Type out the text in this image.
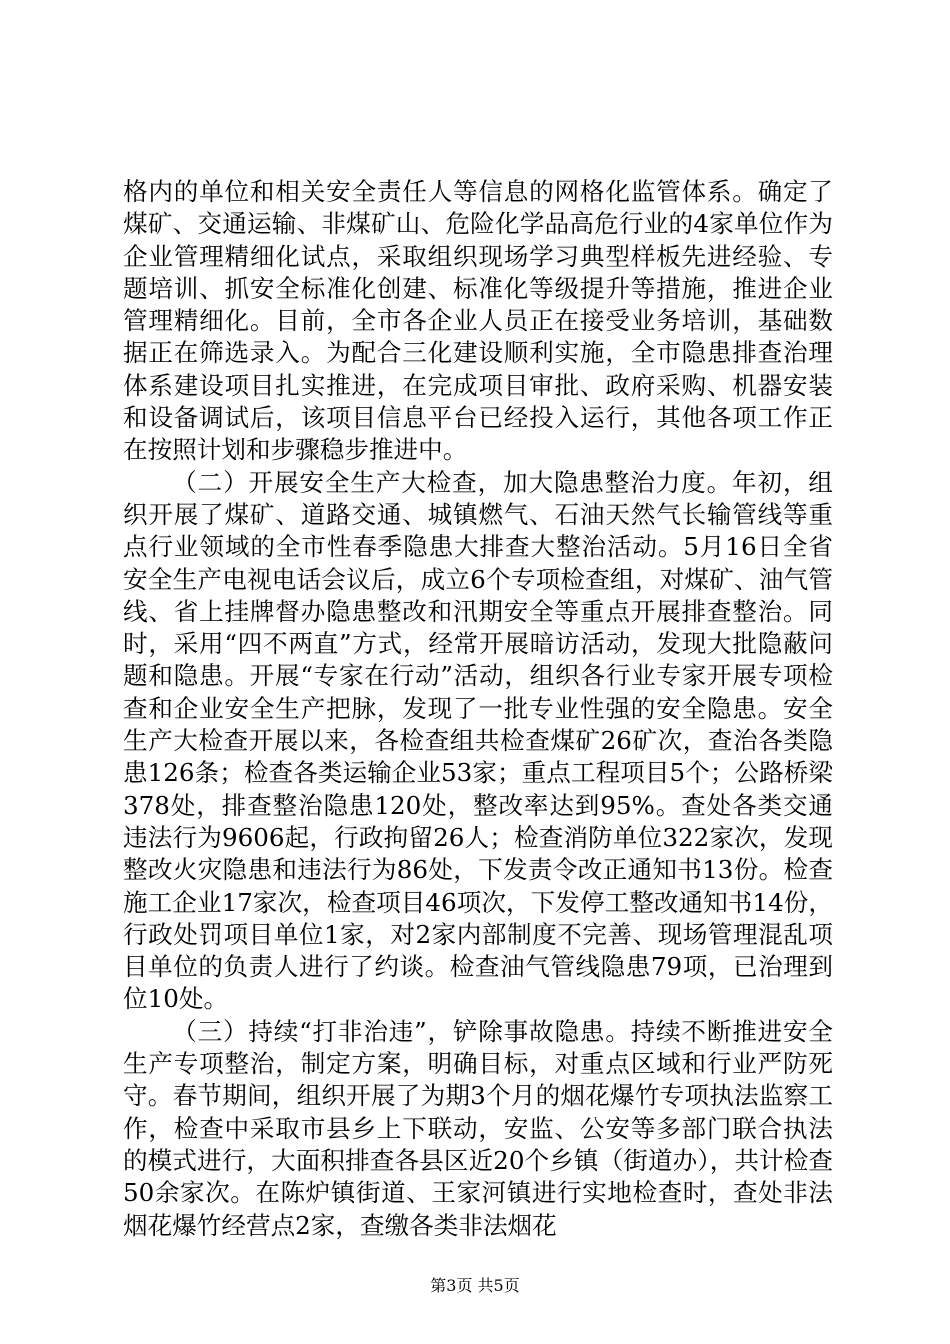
格内的单位和相关安全责任人等信息的网格化监管体系。确定了煤矿、交通运输、非煤矿山、危险化学品高危行业的4家单位作为企业管理精细化试点，采取组织现场学习典型样板先进经验、专题培训、抓安全标准化创建、标准化等级提升等措施，推进企业管理精细化。目前，全市各企业人员正在接受业务培训，基础数据正在筛选录入。为配合三化建设顺利实施，全市隐患排查治理体系建设项目扎实推进，在完成项目审批、政府采购、机器安装和设备调试后，该项目信息平台已经投入运行，其他各项工作正在按照计划和步骤稳步推进中。

（二）开展安全生产大检查，加大隐患整治力度。年初，组织开展了煤矿、道路交通、城镇燃气、石油天然气长输管线等重点行业领域的全市性春季隐患大排查大整治活动。5月16日全省安全生产电视电话会议后，成立6个专项检查组，对煤矿、油气管线、省上挂牌督办隐患整改和汛期安全等重点开展排查整治。同时，采用“四不两直”方式，经常开展暗访活动，发现大批隐蔽问题和隐患。开展“专家在行动”活动，组织各行业专家开展专项检查和企业安全生产把脉，发现了一批专业性强的安全隐患。安全生产大检查开展以来，各检查组共检查煤矿26矿次，查治各类隐患126条；检查各类运输企业53家；重点工程项目5个；公路桥梁378处，排查整治隐患120处，整改率达到95%。查处各类交通违法行为9606起，行政拘留26人；检查消防单位322家次，发现整改火灾隐患和违法行为86处，下发责令改正通知书13份。检查施工企业17家次，检查项目46项次，下发停工整改通知书14份，行政处罚项目单位1家，对2家内部制度不完善、现场管理混乱项目单位的负责人进行了约谈。检查油气管线隐患79项，已治理到位10处。

（三）持续“打非治违”，铲除事故隐患。持续不断推进安全生产专项整治，制定方案，明确目标，对重点区域和行业严防死守。春节期间，组织开展了为期3个月的烟花爆竹专项执法监察工作，检查中采取市县乡上下联动，安监、公安等多部门联合执法的模式进行，大面积排查各县区近20个乡镇（街道办），共计检查50余家次。在陈炉镇街道、王家河镇进行实地检查时，查处非法烟花爆竹经营点2家，查缴各类非法烟花

第3页 共5页
